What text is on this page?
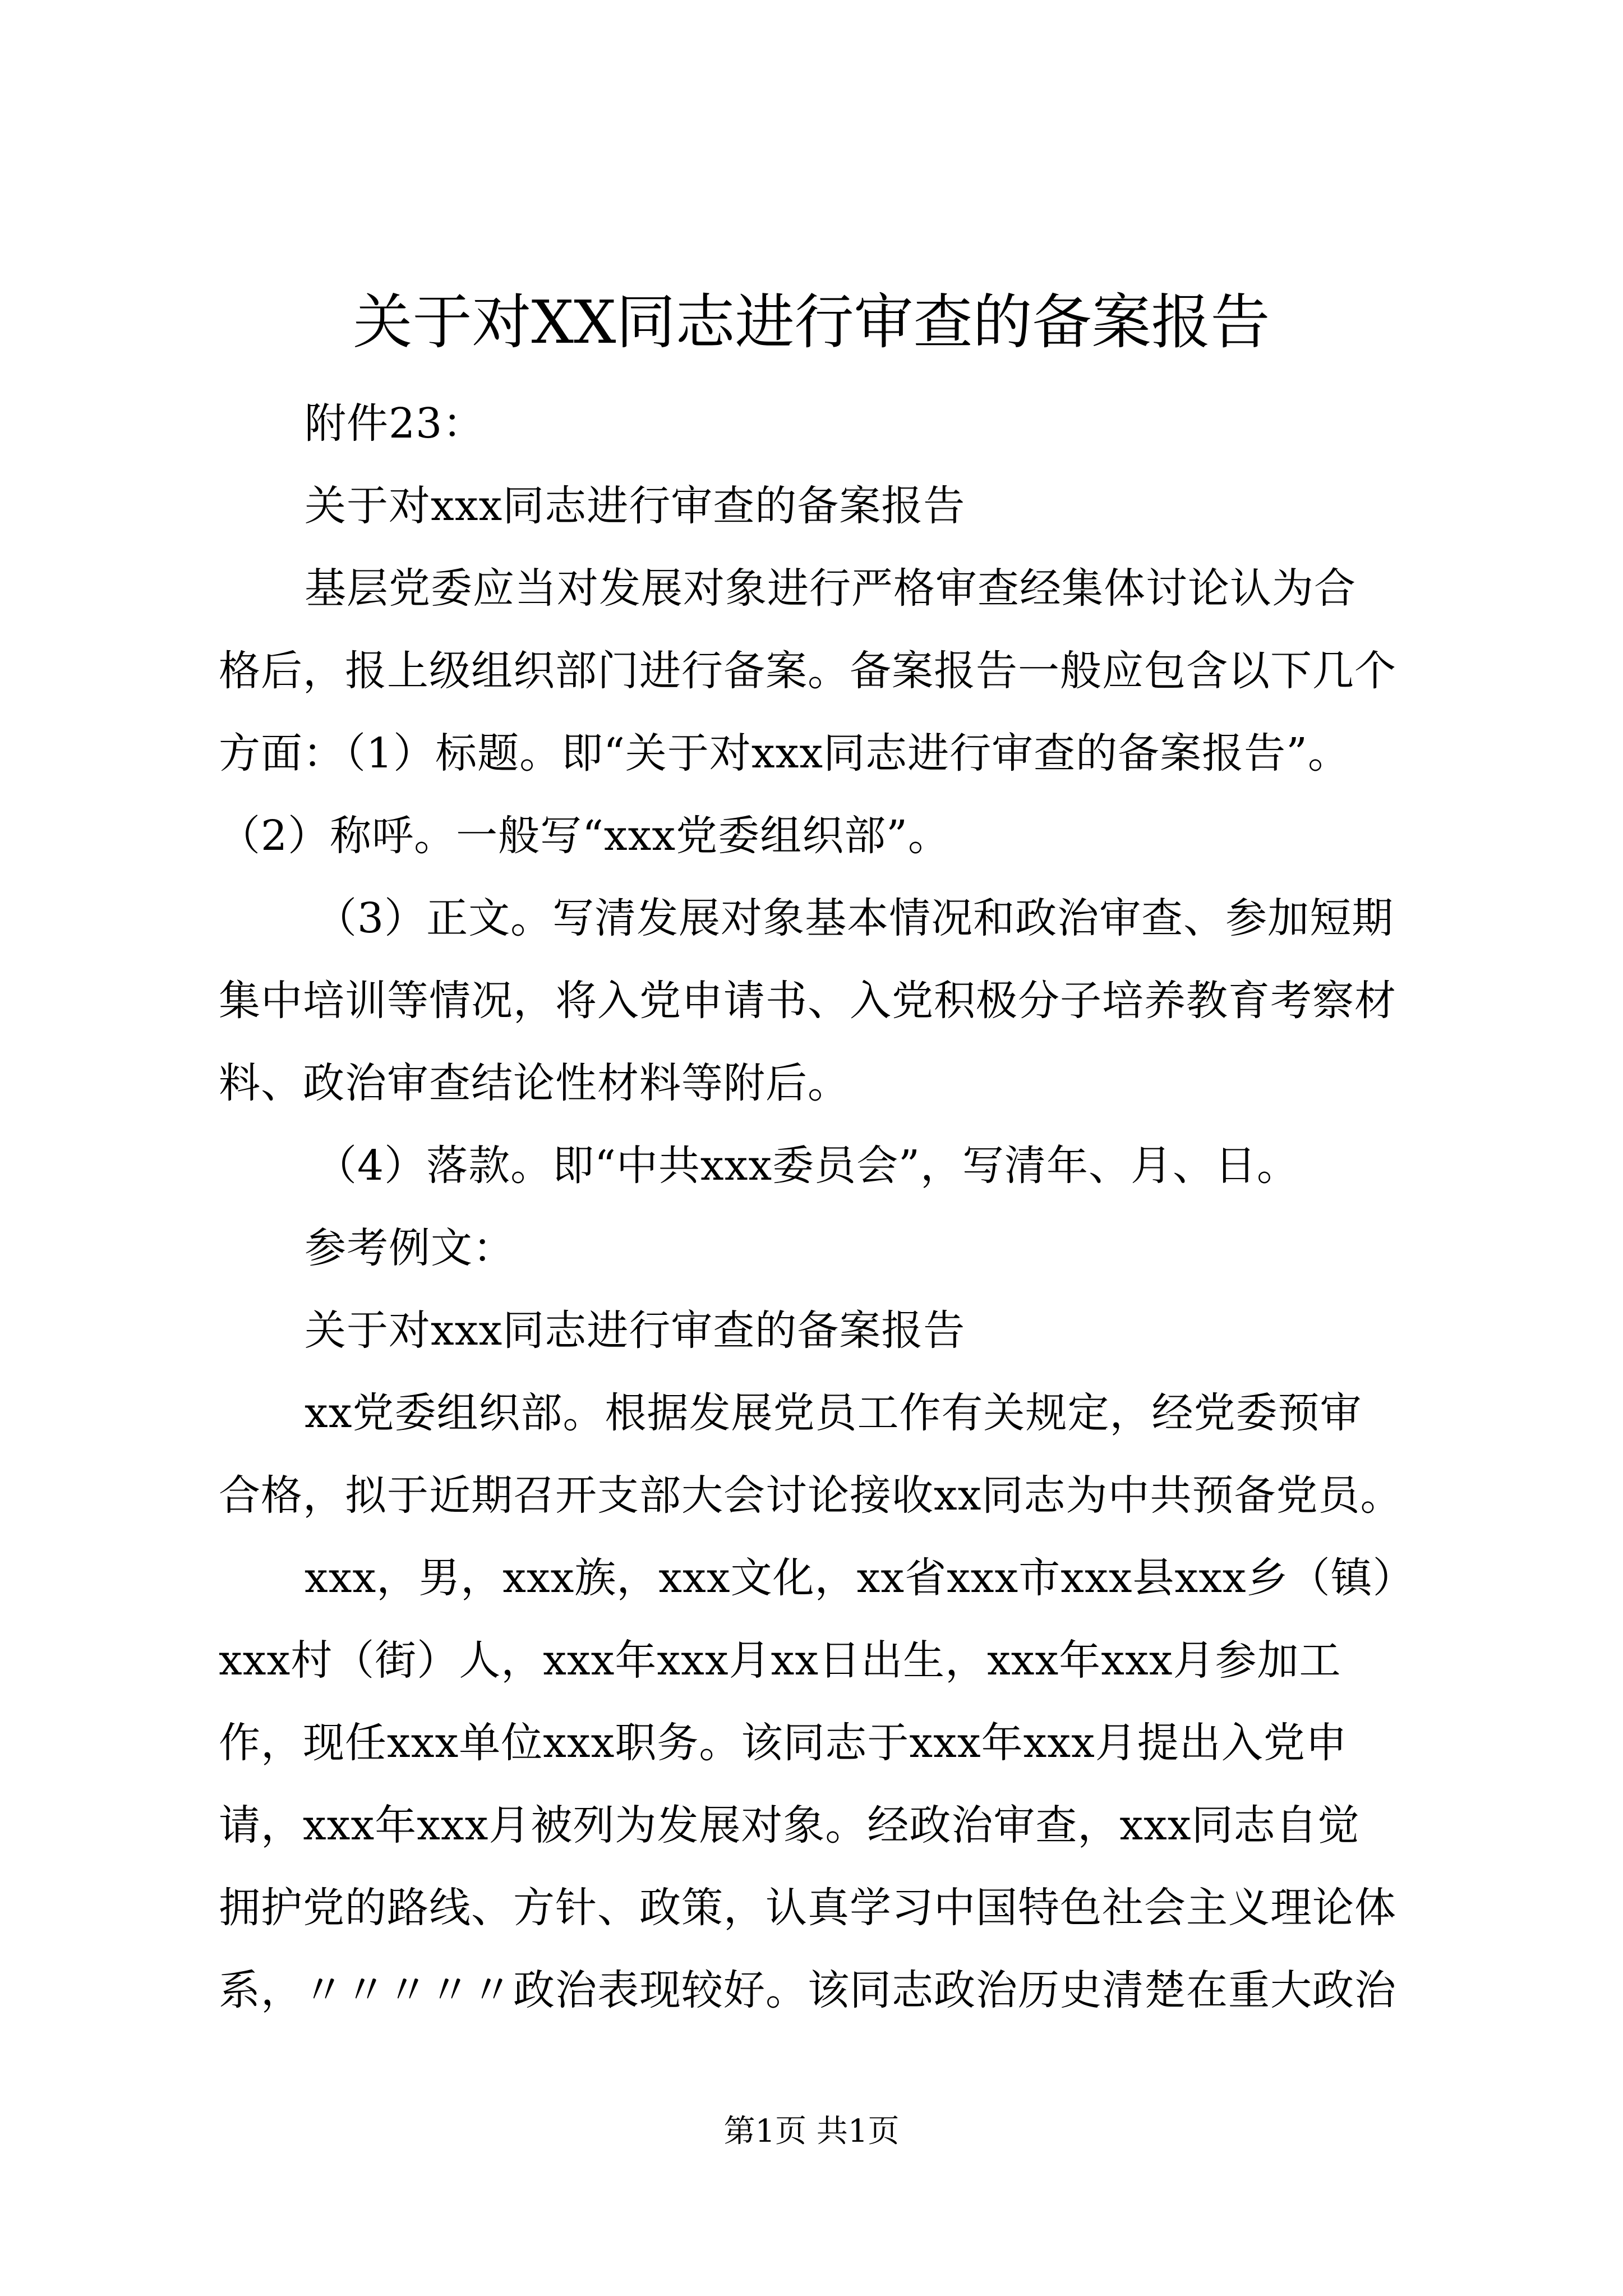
关于对XX同志进行审查的备案报告
附件23：
关于对xxx同志进行审查的备案报告
基层党委应当对发展对象进行严格审查经集体讨论认为合
格后，报上级组织部门进行备案。备案报告一般应包含以下几个
方面：（1）标题。即“关于对xxx同志进行审查的备案报告”。
（2）称呼。一般写“xxx党委组织部”。
（3）正文。写清发展对象基本情况和政治审查、参加短期
集中培训等情况，将入党申请书、入党积极分子培养教育考察材
料、政治审查结论性材料等附后。
（4）落款。即“中共xxx委员会”，写清年、月、日。
参考例文：
关于对xxx同志进行审查的备案报告
xx党委组织部。根据发展党员工作有关规定，经党委预审
合格，拟于近期召开支部大会讨论接收xx同志为中共预备党员。
xxx，男，xxx族，xxx文化，xx省xxx市xxx县xxx乡（镇）
xxx村（街）人，xxx年xxx月xx日出生，xxx年xxx月参加工
作，现任xxx单位xxx职务。该同志于xxx年xxx月提出入党申
请，xxx年xxx月被列为发展对象。经政治审查，xxx同志自觉
拥护党的路线、方针、政策，认真学习中国特色社会主义理论体
系，〃〃〃〃〃政治表现较好。该同志政治历史清楚在重大政治
第1页 共1页
